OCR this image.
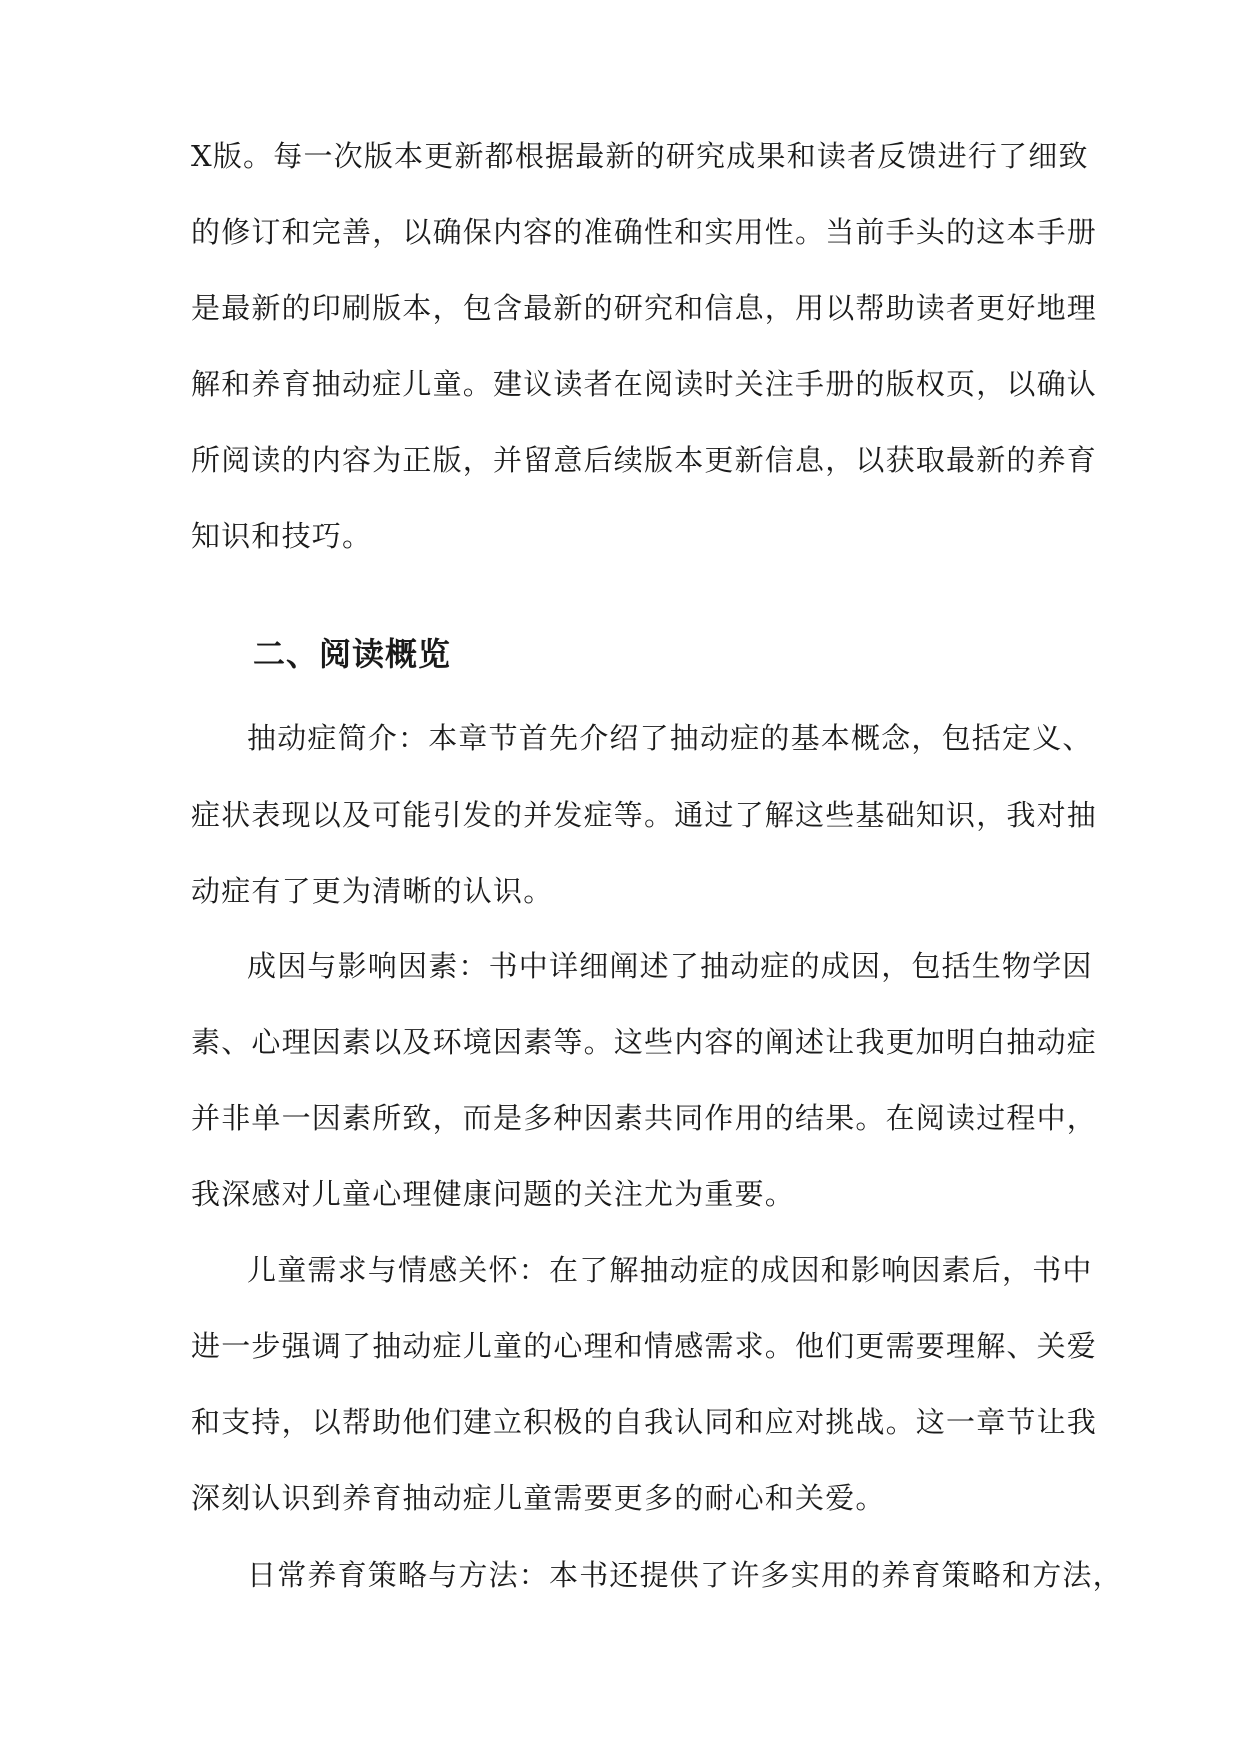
X版。每一次版本更新都根据最新的研究成果和读者反馈进行了细致
的修订和完善，以确保内容的准确性和实用性。当前手头的这本手册
是最新的印刷版本，包含最新的研究和信息，用以帮助读者更好地理
解和养育抽动症儿童。建议读者在阅读时关注手册的版权页，以确认
所阅读的内容为正版，并留意后续版本更新信息，以获取最新的养育
知识和技巧。
二、阅读概览
抽动症简介：本章节首先介绍了抽动症的基本概念，包括定义、
症状表现以及可能引发的并发症等。通过了解这些基础知识，我对抽
动症有了更为清晰的认识。
成因与影响因素：书中详细阐述了抽动症的成因，包括生物学因
素、心理因素以及环境因素等。这些内容的阐述让我更加明白抽动症
并非单一因素所致，而是多种因素共同作用的结果。在阅读过程中，
我深感对儿童心理健康问题的关注尤为重要。
儿童需求与情感关怀：在了解抽动症的成因和影响因素后，书中
进一步强调了抽动症儿童的心理和情感需求。他们更需要理解、关爱
和支持，以帮助他们建立积极的自我认同和应对挑战。这一章节让我
深刻认识到养育抽动症儿童需要更多的耐心和关爱。
日常养育策略与方法：本书还提供了许多实用的养育策略和方法，
